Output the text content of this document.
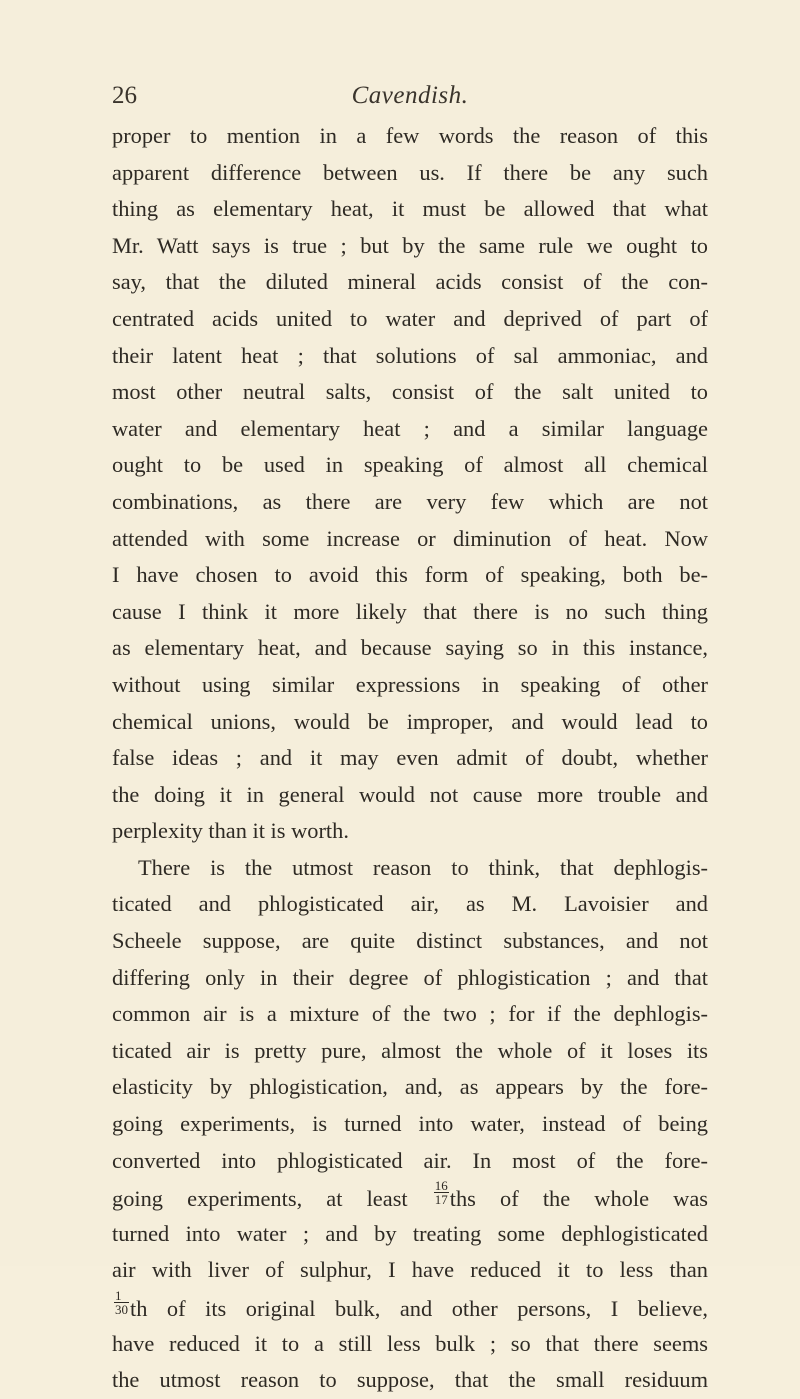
26	Cavendish.
proper to mention in a few words the reason of this
apparent difference between us. If there be any such
thing as elementary heat, it must be allowed that what
Mr. Watt says is true ; but by the same rule we ought to
say, that the diluted mineral acids consist of the con-
centrated acids united to water and deprived of part of
their latent heat ; that solutions of sal ammoniac, and
most other neutral salts, consist of the salt united to
water and elementary heat ; and a similar language
ought to be used in speaking of almost all chemical
combinations, as there are very few which are not
attended with some increase or diminution of heat. Now
I have chosen to avoid this form of speaking, both be-
cause I think it more likely that there is no such thing
as elementary heat, and because saying so in this instance,
without using similar expressions in speaking of other
chemical unions, would be improper, and would lead to
false ideas ; and it may even admit of doubt, whether
the doing it in general would not cause more trouble and
perplexity than it is worth.
There is the utmost reason to think, that dephlogis-
ticated and phlogisticated air, as M. Lavoisier and
Scheele suppose, are quite distinct substances, and not
differing only in their degree of phlogistication ; and that
common air is a mixture of the two ; for if the dephlogis-
ticated air is pretty pure, almost the whole of it loses its
elasticity by phlogistication, and, as appears by the fore-
going experiments, is turned into water, instead of being
converted into phlogisticated air. In most of the fore-
going experiments, at least $\frac{16}{17}$ ths of the whole was
turned into water ; and by treating some dephlogisticated
air with liver of sulphur, I have reduced it to less than
$\frac{1}{30}$ th of its original bulk, and other persons, I believe,
have reduced it to a still less bulk ; so that there seems
the utmost reason to suppose, that the small residuum
